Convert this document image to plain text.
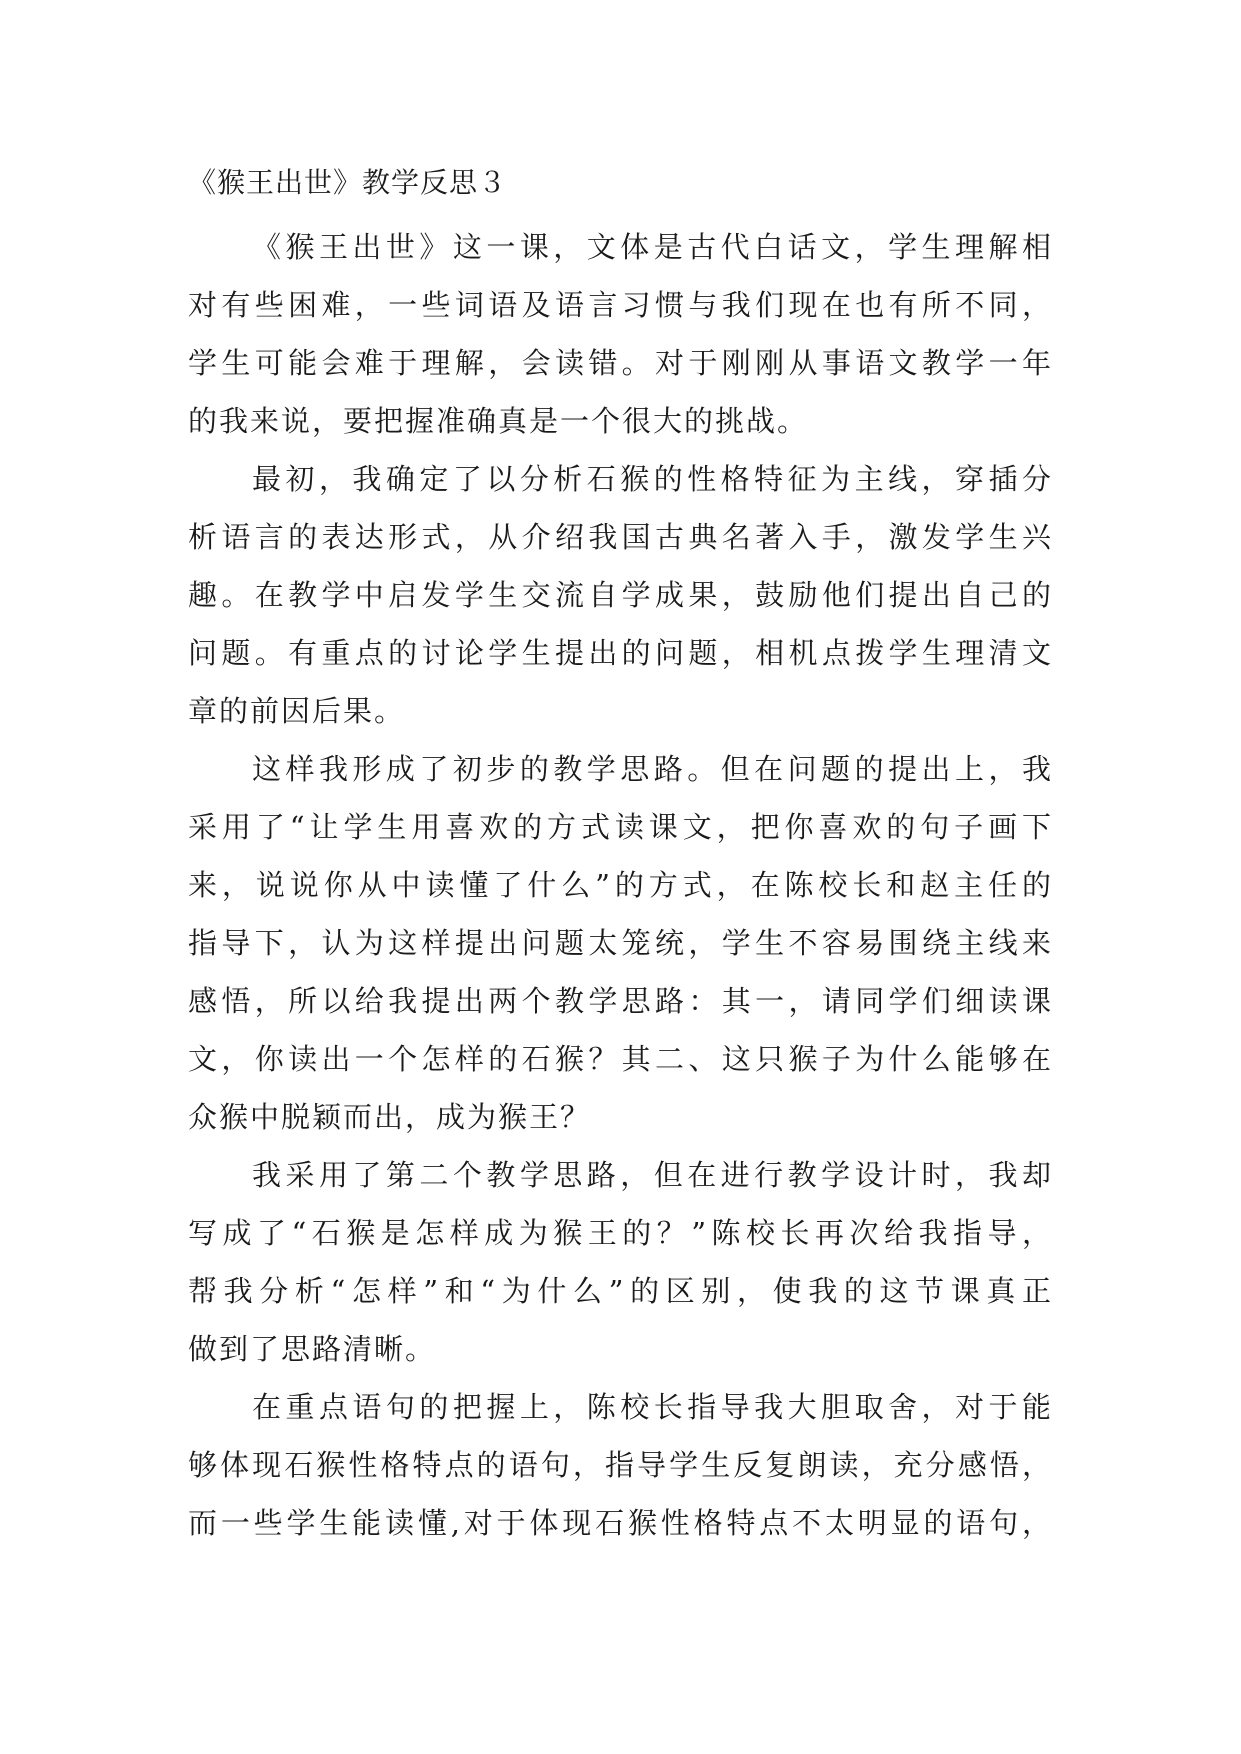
《猴王出世》教学反思３
《猴王出世》这一课，文体是古代白话文，学生理解相
对有些困难，一些词语及语言习惯与我们现在也有所不同，
学生可能会难于理解，会读错。对于刚刚从事语文教学一年
的我来说，要把握准确真是一个很大的挑战。
最初，我确定了以分析石猴的性格特征为主线，穿插分
析语言的表达形式，从介绍我国古典名著入手，激发学生兴
趣。在教学中启发学生交流自学成果，鼓励他们提出自己的
问题。有重点的讨论学生提出的问题，相机点拨学生理清文
章的前因后果。
这样我形成了初步的教学思路。但在问题的提出上，我
采用了“让学生用喜欢的方式读课文，把你喜欢的句子画下
来，说说你从中读懂了什么”的方式，在陈校长和赵主任的
指导下，认为这样提出问题太笼统，学生不容易围绕主线来
感悟，所以给我提出两个教学思路：其一，请同学们细读课
文，你读出一个怎样的石猴？其二、这只猴子为什么能够在
众猴中脱颖而出，成为猴王？
我采用了第二个教学思路，但在进行教学设计时，我却
写成了“石猴是怎样成为猴王的？”陈校长再次给我指导，
帮我分析“怎样”和“为什么”的区别，使我的这节课真正
做到了思路清晰。
在重点语句的把握上，陈校长指导我大胆取舍，对于能
够体现石猴性格特点的语句，指导学生反复朗读，充分感悟，
而一些学生能读懂,对于体现石猴性格特点不太明显的语句，
